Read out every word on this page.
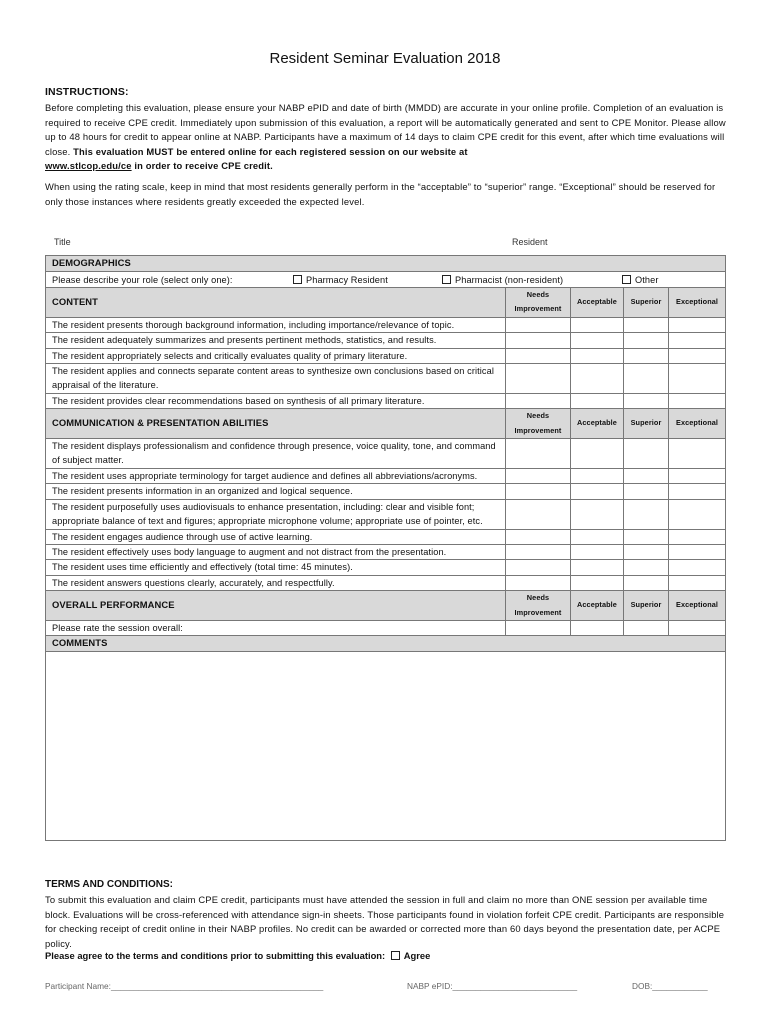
Resident Seminar Evaluation 2018
INSTRUCTIONS:
Before completing this evaluation, please ensure your NABP ePID and date of birth (MMDD) are accurate in your online profile. Completion of an evaluation is required to receive CPE credit. Immediately upon submission of this evaluation, a report will be automatically generated and sent to CPE Monitor. Please allow up to 48 hours for credit to appear online at NABP. Participants have a maximum of 14 days to claim CPE credit for this event, after which time evaluations will close. This evaluation MUST be entered online for each registered session on our website at
www.stlcop.edu/ce in order to receive CPE credit.
When using the rating scale, keep in mind that most residents generally perform in the “acceptable” to “superior” range. “Exceptional” should be reserved for only those instances where residents greatly exceeded the expected level.
Title	Resident
DEMOGRAPHICS				

Please describe your role (select only one): Pharmacy Resident Pharmacist (non-resident) Other				

CONTENT	Needs Improvement	Acceptable	Superior	Exceptional
The resident presents thorough background information, including importance/relevance of topic.				
The resident adequately summarizes and presents pertinent methods, statistics, and results.				
The resident appropriately selects and critically evaluates quality of primary literature.				
The resident applies and connects separate content areas to synthesize own conclusions based on critical appraisal of the literature.				
The resident provides clear recommendations based on synthesis of all primary literature.				
COMMUNICATION & PRESENTATION ABILITIES	Needs Improvement	Acceptable	Superior	Exceptional
The resident displays professionalism and confidence through presence, voice quality, tone, and command of subject matter.				
The resident uses appropriate terminology for target audience and defines all abbreviations/acronyms.				
The resident presents information in an organized and logical sequence.				
The resident purposefully uses audiovisuals to enhance presentation, including: clear and visible font; appropriate balance of text and figures; appropriate microphone volume; appropriate use of pointer, etc.				
The resident engages audience through use of active learning.				
The resident effectively uses body language to augment and not distract from the presentation.				
The resident uses time efficiently and effectively (total time: 45 minutes).				
The resident answers questions clearly, accurately, and respectfully.				
OVERALL PERFORMANCE	Needs Improvement	Acceptable	Superior	Exceptional
Please rate the session overall:				
COMMENTS				

TERMS AND CONDITIONS:
To submit this evaluation and claim CPE credit, participants must have attended the session in full and claim no more than ONE session per available time block. Evaluations will be cross-referenced with attendance sign-in sheets. Those participants found in violation forfeit CPE credit. Participants are responsible for checking receipt of credit online in their NABP profiles. No credit can be awarded or corrected more than 60 days beyond the presentation date, per ACPE policy.
Please agree to the terms and conditions prior to submitting this evaluation: Agree
Participant Name:______________________________________________	NABP ePID:___________________________	DOB:____________
